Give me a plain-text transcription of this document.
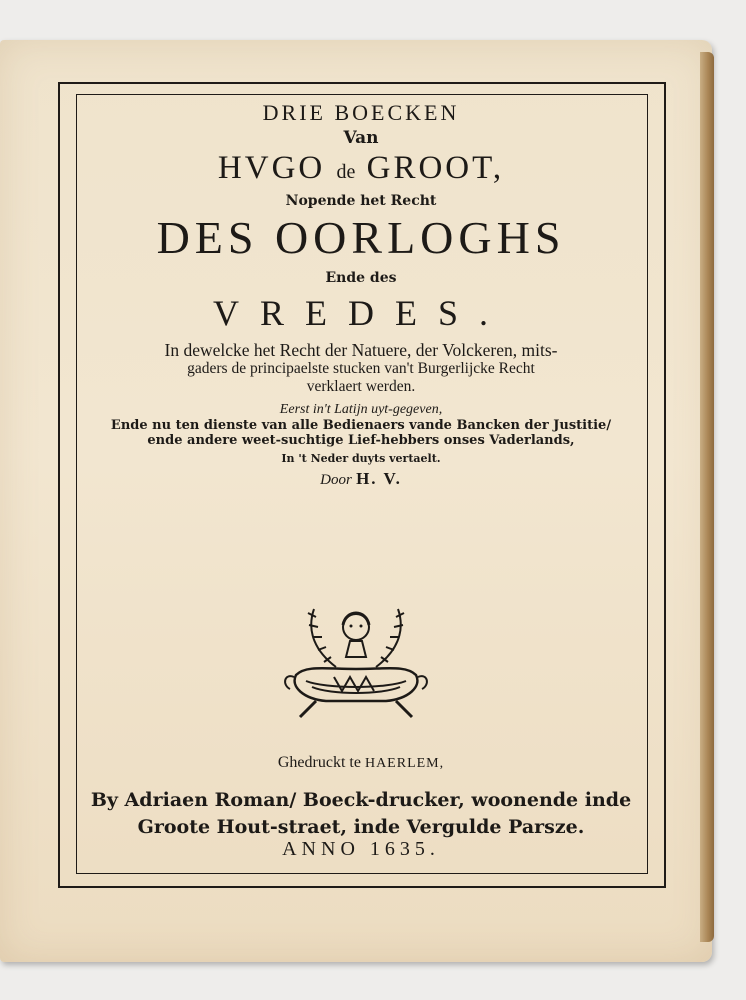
DRIE BOECKEN
Van
HVGO de GROOT,
Nopende het Recht
DES OORLOGHS
Ende des
VREDES.
In dewelcke het Recht der Natuere, der Volckeren, mits-
gaders de principaelste stucken van't Burgerlijcke Recht
verklaert werden.
Eerst in't Latijn uyt-gegeven,
Ende nu ten dienste van alle Bedienaers vande Bancken der Justitie/
ende andere weet-suchtige Lief-hebbers onses Vaderlands,
In 't Neder duyts vertaelt.
Door H. V.
Ghedruckt te HAERLEM,
By Adriaen Roman/ Boeck-drucker, woonende inde
Groote Hout-straet, inde Vergulde Parsze.
ANNO 1635.
